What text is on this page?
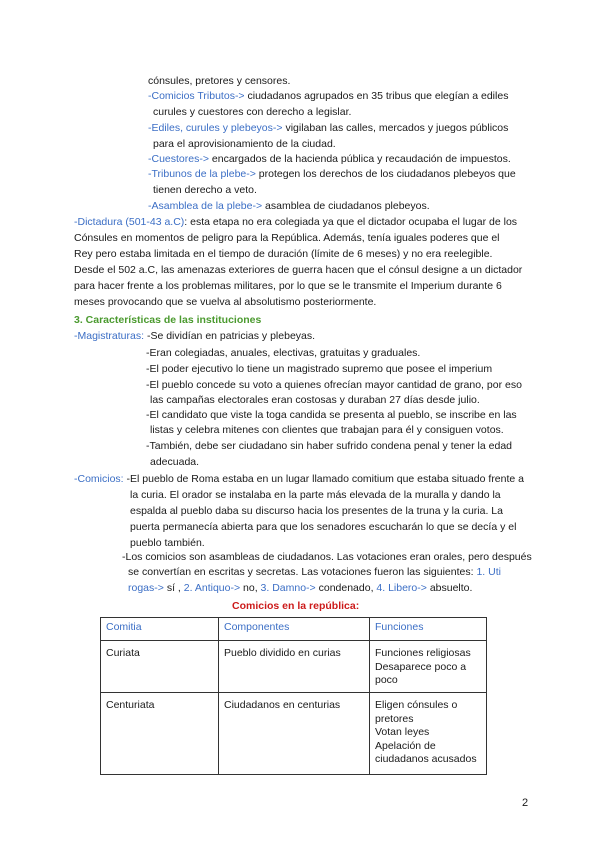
cónsules, pretores y censores.
-Comicios Tributos-> ciudadanos agrupados en 35 tribus que elegían a ediles
curules y cuestores con derecho a legislar.
-Ediles, curules y plebeyos-> vigilaban las calles, mercados y juegos públicos
para el aprovisionamiento de la ciudad.
-Cuestores-> encargados de la hacienda pública y recaudación de impuestos.
-Tribunos de la plebe-> protegen los derechos de los ciudadanos plebeyos que
tienen derecho a veto.
-Asamblea de la plebe-> asamblea de ciudadanos plebeyos.
-Dictadura (501-43 a.C): esta etapa no era colegiada ya que el dictador ocupaba el lugar de los
Cónsules en momentos de peligro para la República. Además, tenía iguales poderes que el
Rey pero estaba limitada en el tiempo de duración (límite de 6 meses) y no era reelegible.
Desde el 502 a.C, las amenazas exteriores de guerra hacen que el cónsul designe a un dictador
para hacer frente a los problemas militares, por lo que se le transmite el Imperium durante 6
meses provocando que se vuelva al absolutismo posteriormente.
3. Características de las instituciones
-Magistraturas: -Se dividían en patricias y plebeyas.
-Eran colegiadas, anuales, electivas, gratuitas y graduales.
-El poder ejecutivo lo tiene un magistrado supremo que posee el imperium
-El pueblo concede su voto a quienes ofrecían mayor cantidad de grano, por eso
las campañas electorales eran costosas y duraban 27 días desde julio.
-El candidato que viste la toga candida se presenta al pueblo, se inscribe en las
listas y celebra mitenes con clientes que trabajan para él y consiguen votos.
-También, debe ser ciudadano sin haber sufrido condena penal y tener la edad
adecuada.
-Comicios: -El pueblo de Roma estaba en un lugar llamado comitium que estaba situado frente a
la curia. El orador se instalaba en la parte más elevada de la muralla y dando la
espalda al pueblo daba su discurso hacia los presentes de la truna y la curia. La
puerta permanecía abierta para que los senadores escucharán lo que se decía y el
pueblo también.
-Los comicios son asambleas de ciudadanos. Las votaciones eran orales, pero después
se convertían en escritas y secretas. Las votaciones fueron las siguientes: 1. Uti
rogas-> sí , 2. Antiquo-> no, 3. Damno-> condenado, 4. Libero-> absuelto.
Comicios en la república:
Comitia	Componentes	Funciones
Curiata	Pueblo dividido en curias	Funciones religiosas
Desaparece poco a
poco

Centuriata	Ciudadanos en centurias	Eligen cónsules o
pretores
Votan leyes
Apelación de
ciudadanos acusados
2
